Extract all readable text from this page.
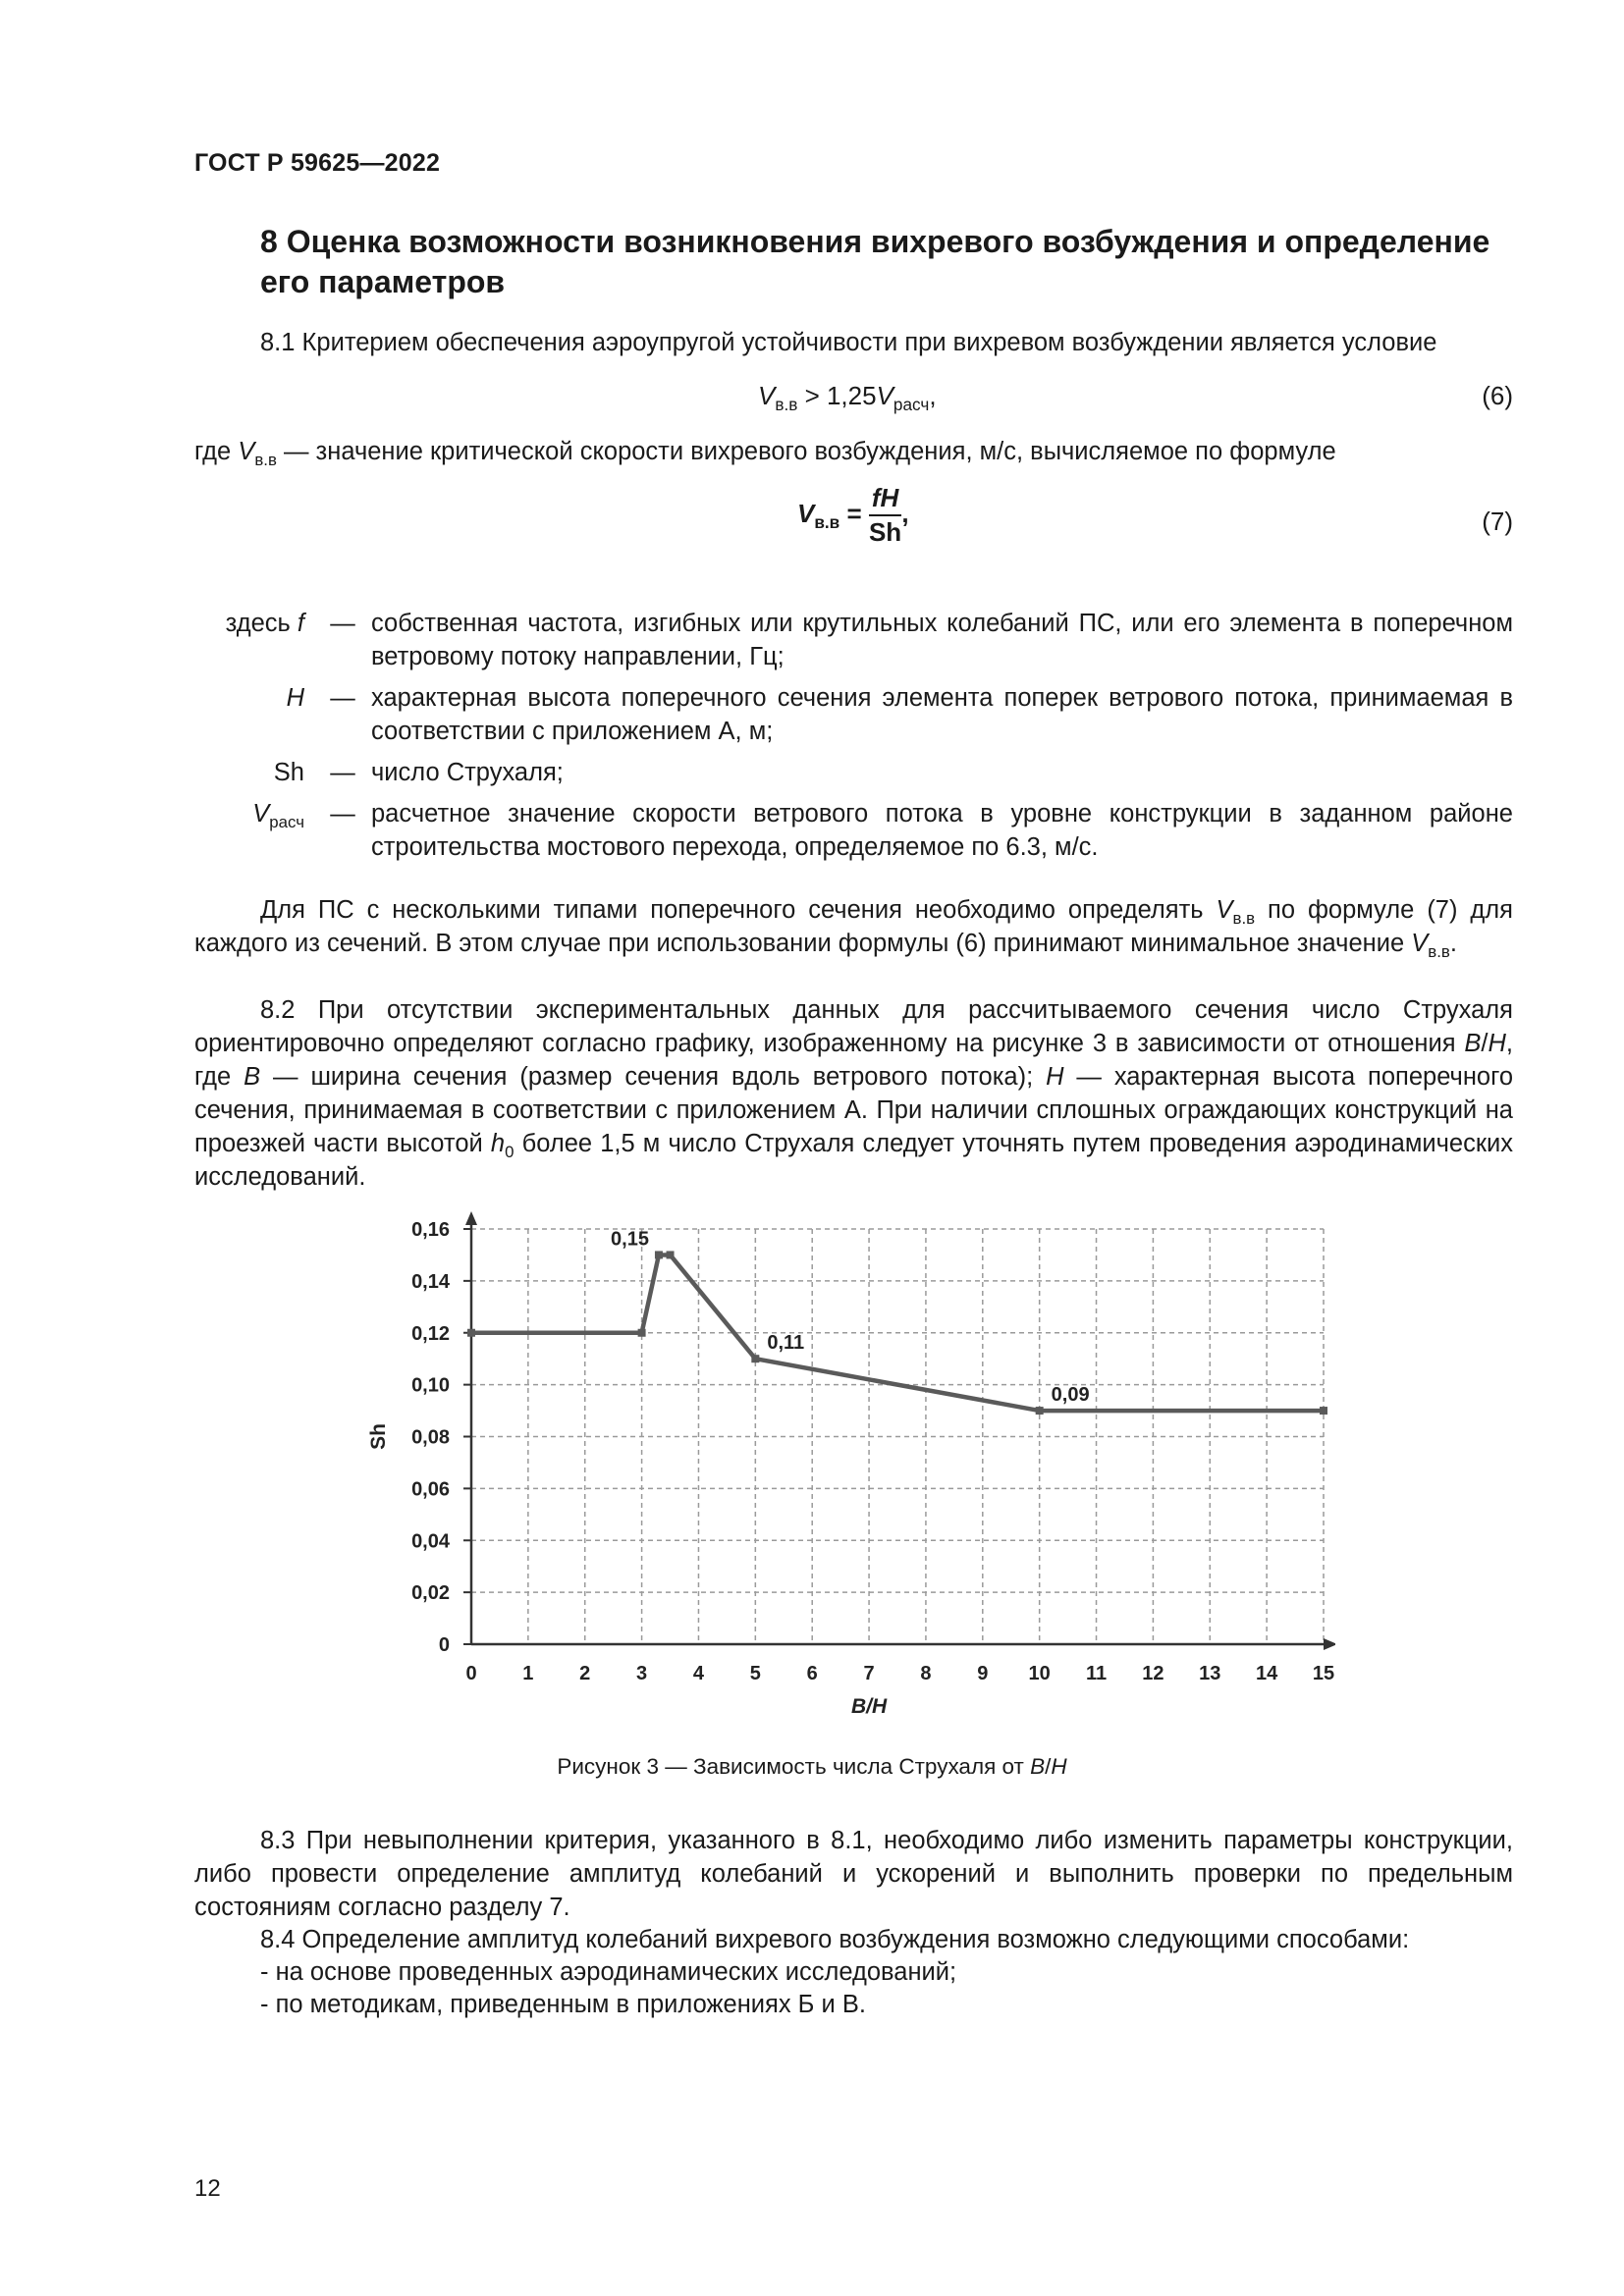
ГОСТ Р 59625—2022
8 Оценка возможности возникновения вихревого возбуждения и определение его параметров
8.1 Критерием обеспечения аэроупругой устойчивости при вихревом возбуждении является условие
$V_{в.в} > 1,25V_{расч}$,	(6)
где $V_{в.в}$ — значение критической скорости вихревого возбуждения, м/с, вычисляемое по формуле
$V_{в.в} = \frac{fH}{Sh}$ ,	(7)
здесь f	— собственная частота, изгибных или крутильных колебаний ПС, или его элемента в поперечном ветровому потоку направлении, Гц;
H	— характерная высота поперечного сечения элемента поперек ветрового потока, принимаемая в соответствии с приложением А, м;
Sh	— число Струхаля;
$V_{расч}$	— расчетное значение скорости ветрового потока в уровне конструкции в заданном районе строительства мостового перехода, определяемое по 6.3, м/с.
Для ПС с несколькими типами поперечного сечения необходимо определять $V_{в.в}$ по формуле (7) для каждого из сечений. В этом случае при использовании формулы (6) принимают минимальное значение $V_{в.в}$.
8.2 При отсутствии экспериментальных данных для рассчитываемого сечения число Струхаля ориентировочно определяют согласно графику, изображенному на рисунке 3 в зависимости от отношения B/H, где B — ширина сечения (размер сечения вдоль ветрового потока); H — характерная высота поперечного сечения, принимаемая в соответствии с приложением А. При наличии сплошных ограждающих конструкций на проезжей части высотой $h_0$ более 1,5 м число Струхаля следует уточнять путем проведения аэродинамических исследований.
0
0,02
0,04
0,06
0,08
0,10
0,12
0,14
0,16
0 1 2 3 4 5 6 7 8 9 10 11 12 13 14 15
B/H
Sh
0,15
0,11
0,09
Рисунок 3 — Зависимость числа Струхаля от B/H
8.3 При невыполнении критерия, указанного в 8.1, необходимо либо изменить параметры конструкции, либо провести определение амплитуд колебаний и ускорений и выполнить проверки по предельным состояниям согласно разделу 7.
8.4 Определение амплитуд колебаний вихревого возбуждения возможно следующими способами:
- на основе проведенных аэродинамических исследований;
- по методикам, приведенным в приложениях Б и В.
12
